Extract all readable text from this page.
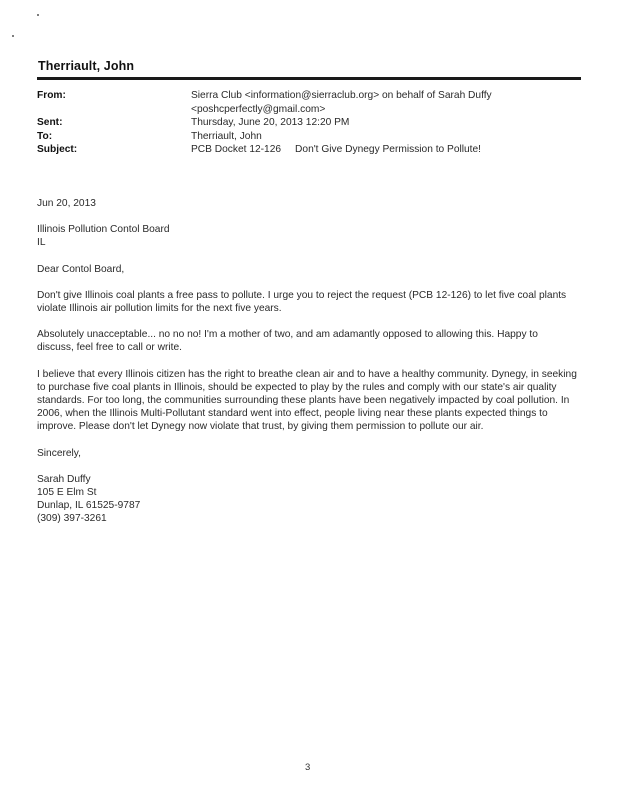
Therriault, John
From:	Sierra Club <information@sierraclub.org> on behalf of Sarah Duffy
<poshcperfectly@gmail.com>
Sent:	Thursday, June 20, 2013 12:20 PM
To:	Therriault, John
Subject:	PCB Docket 12-126 Don't Give Dynegy Permission to Pollute!

Jun 20, 2013

Illinois Pollution Contol Board
IL

Dear Contol Board,

Don't give Illinois coal plants a free pass to pollute. I urge you to reject the request (PCB 12-126) to let five coal plants
violate Illinois air pollution limits for the next five years.

Absolutely unacceptable... no no no! I'm a mother of two, and am adamantly opposed to allowing this. Happy to
discuss, feel free to call or write.

I believe that every Illinois citizen has the right to breathe clean air and to have a healthy community. Dynegy, in seeking
to purchase five coal plants in Illinois, should be expected to play by the rules and comply with our state's air quality
standards. For too long, the communities surrounding these plants have been negatively impacted by coal pollution. In
2006, when the Illinois Multi-Pollutant standard went into effect, people living near these plants expected things to
improve. Please don't let Dynegy now violate that trust, by giving them permission to pollute our air.

Sincerely,

Sarah Duffy
105 E Elm St
Dunlap, IL 61525-9787
(309) 397-3261

3
